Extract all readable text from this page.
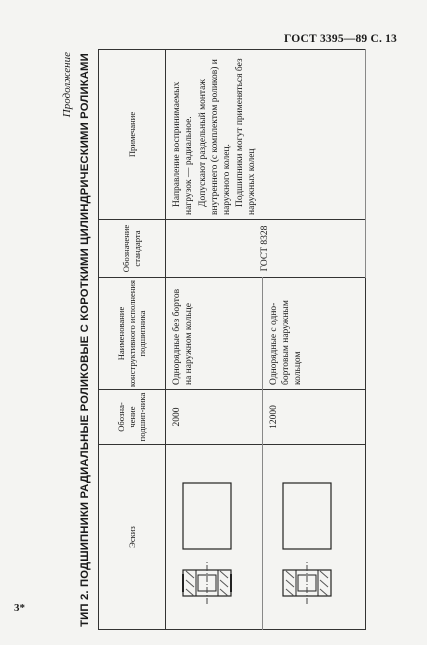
ГОСТ 3395—89 С. 13
3*
Продолжение ТИП 2. ПОДШИПНИКИ РАДИАЛЬНЫЕ РОЛИКОВЫЕ С КОРОТКИМИ ЦИЛИНДРИЧЕСКИМИ РОЛИКАМИ	Эскиз	Обозна-чение подшип-ника	Наименование конструктивного исполнения подшипника	Обозначение стандарта	Примечание

	2000	Однорядные без бортов на наружном кольце	ГОСТ 8328	Направление воспринимаемых нагрузок — радиальное. Допускают раздельный монтаж внутреннего (с комплектом роликов) и наружного колец. Подшипники могут применяться без наружных колец

	12000	Однорядные с одно-бортовым наружным кольцом		
